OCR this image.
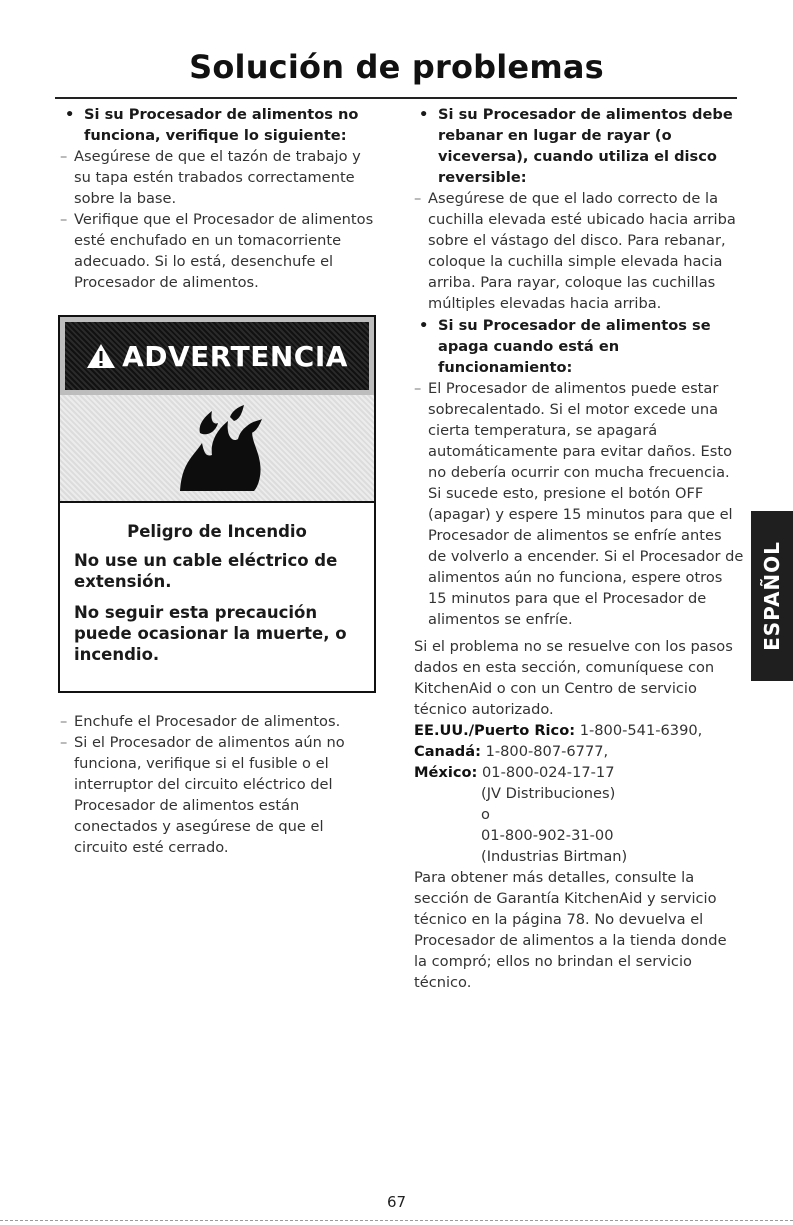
Solución de problemas
• Si su Procesador de alimentos no funciona, verifique lo siguiente:
– Asegúrese de que el tazón de trabajo y su tapa estén trabados correctamente sobre la base.
– Verifique que el Procesador de alimentos esté enchufado en un tomacorriente adecuado. Si lo está, desenchufe el Procesador de alimentos.
ADVERTENCIA
Peligro de Incendio

No use un cable eléctrico de extensión.

No seguir esta precaución puede ocasionar la muerte, o incendio.

– Enchufe el Procesador de alimentos.
– Si el Procesador de alimentos aún no funciona, verifique si el fusible o el interruptor del circuito eléctrico del Procesador de alimentos están conectados y asegúrese de que el circuito esté cerrado.
• Si su Procesador de alimentos debe rebanar en lugar de rayar (o viceversa), cuando utiliza el disco reversible:
– Asegúrese de que el lado correcto de la cuchilla elevada esté ubicado hacia arriba sobre el vástago del disco. Para rebanar, coloque la cuchilla simple elevada hacia arriba. Para rayar, coloque las cuchillas múltiples elevadas hacia arriba.
• Si su Procesador de alimentos se apaga cuando está en funcionamiento:
– El Procesador de alimentos puede estar sobrecalentado. Si el motor excede una cierta temperatura, se apagará automáticamente para evitar daños. Esto no debería ocurrir con mucha frecuencia. Si sucede esto, presione el botón OFF (apagar) y espere 15 minutos para que el Procesador de alimentos se enfríe antes de volverlo a encender. Si el Procesador de alimentos aún no funciona, espere otros 15 minutos para que el Procesador de alimentos se enfríe.
Si el problema no se resuelve con los pasos dados en esta sección, comuníquese con KitchenAid o con un Centro de servicio técnico autorizado.
EE.UU./Puerto Rico: 1-800-541-6390,
Canadá: 1-800-807-6777,
México: 01-800-024-17-17
(JV Distribuciones)
o
01-800-902-31-00
(Industrias Birtman)
Para obtener más detalles, consulte la sección de Garantía KitchenAid y servicio técnico en la página 78. No devuelva el Procesador de alimentos a la tienda donde la compró; ellos no brindan el servicio técnico.
ESPAÑOL
67
